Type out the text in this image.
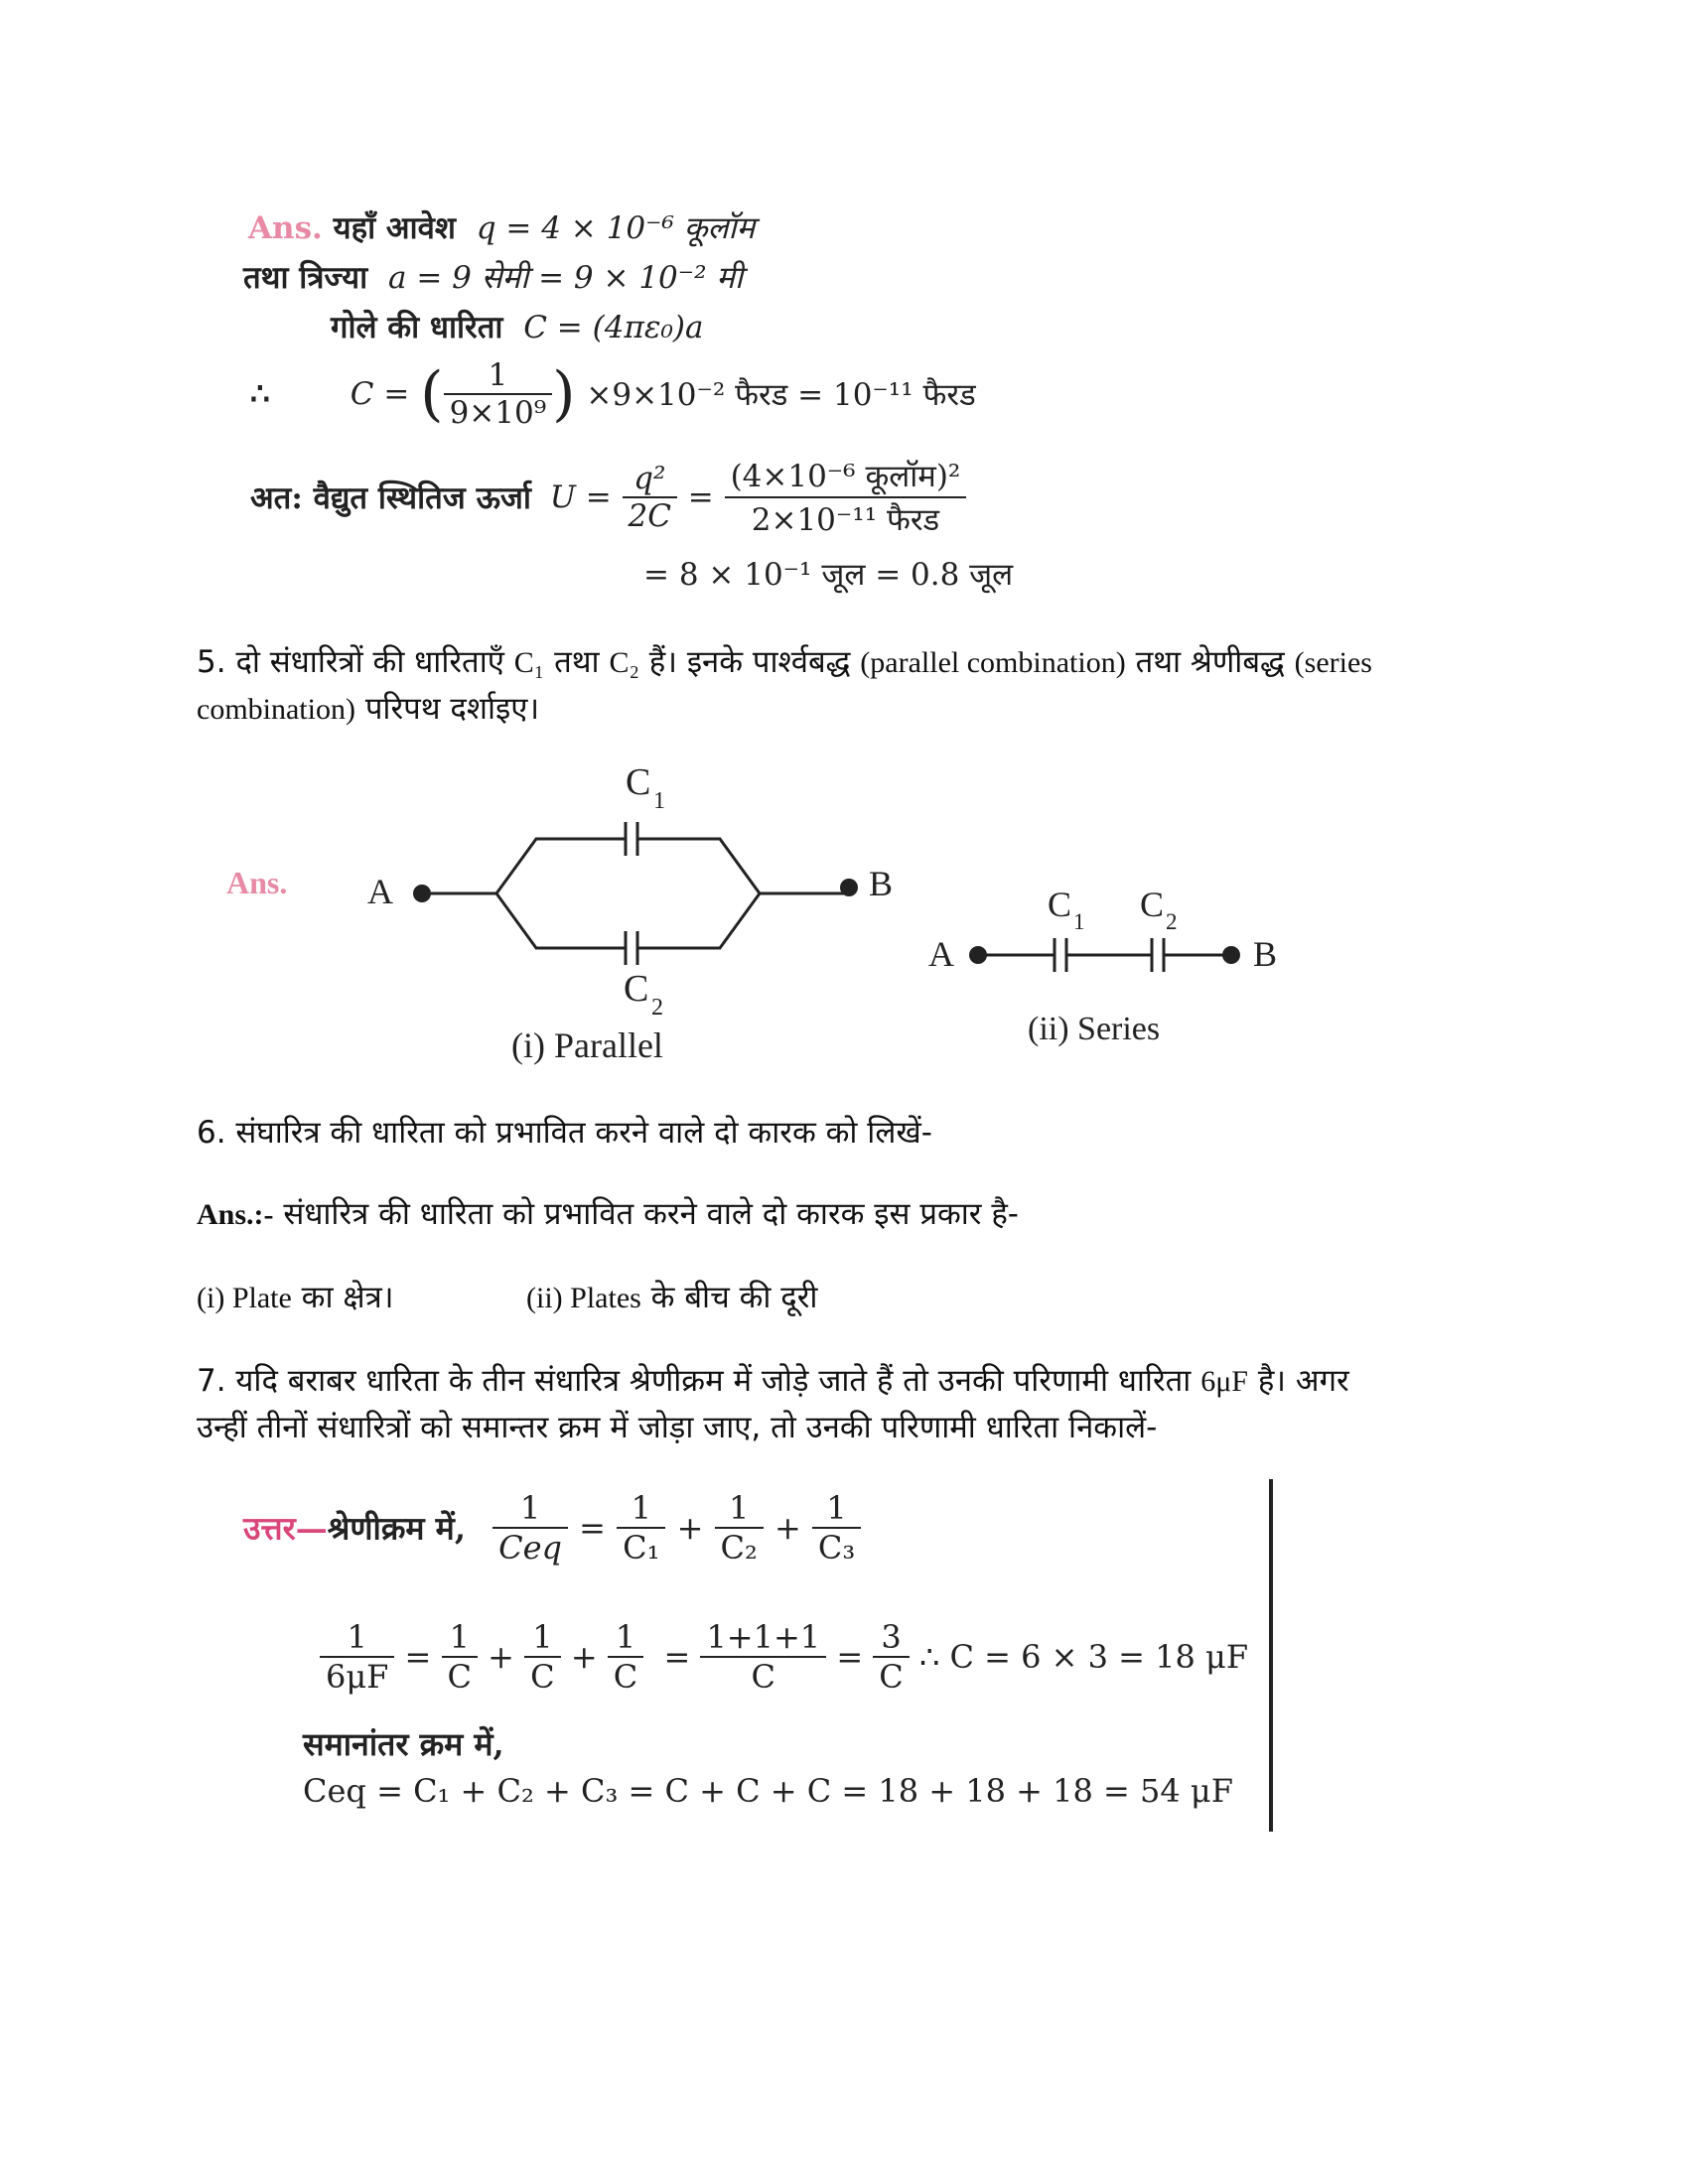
Ans. यहाँ आवेश q = 4 × 10⁻⁶ कूलॉम
तथा त्रिज्या a = 9 सेमी = 9 × 10⁻² मी
गोले की धारिता C = (4πε₀)a
∴	C = ( $\frac{1}{\text{9×10⁹}}$ ) ×9×10⁻² फैरड = 10⁻¹¹ फैरड
अत: वैद्युत स्थितिज ऊर्जा $U = \frac{\text{q²}}{2C} = \frac{\text{(4×10⁻⁶ कूलॉम)²}}{\text{2×10⁻¹¹ फैरड}}$
= 8 × 10⁻¹ जूल = 0.8 जूल
5. दो संधारित्रों की धारिताएँ C₁ तथा C₂ हैं। इनके पार्श्वबद्ध (parallel combination) तथा श्रेणीबद्ध (series
combination) परिपथ दर्शाइए।
Ans. A	B
C 1
C 2
(i) Parallel
A	B
C 1 C 2
(ii) Series
6. संघारित्र की धारिता को प्रभावित करने वाले दो कारक को लिखें-
Ans.:- संधारित्र की धारिता को प्रभावित करने वाले दो कारक इस प्रकार है-
(i) Plate का क्षेत्र।	(ii) Plates के बीच की दूरी
7. यदि बराबर धारिता के तीन संधारित्र श्रेणीक्रम में जोड़े जाते हैं तो उनकी परिणामी धारिता 6μF है। अगर
उन्हीं तीनों संधारित्रों को समान्तर क्रम में जोड़ा जाए, तो उनकी परिणामी धारिता निकालें-
उत्तर—श्रेणीक्रम में, $\frac{1}{\text{Ceq}} = \frac{1}{\text{C₁}} + \frac{1}{\text{C₂}} + \frac{1}{\text{C₃}}$
$\frac{1}{6\mu F} = \frac{1}{C} + \frac{1}{C} + \frac{1}{C} = \frac{1+1+1}{C} = \frac{3}{C}$ ∴ C = 6 × 3 = 18 μF
समानांतर क्रम में,
Ceq = C₁ + C₂ + C₃ = C + C + C = 18 + 18 + 18 = 54 μF
